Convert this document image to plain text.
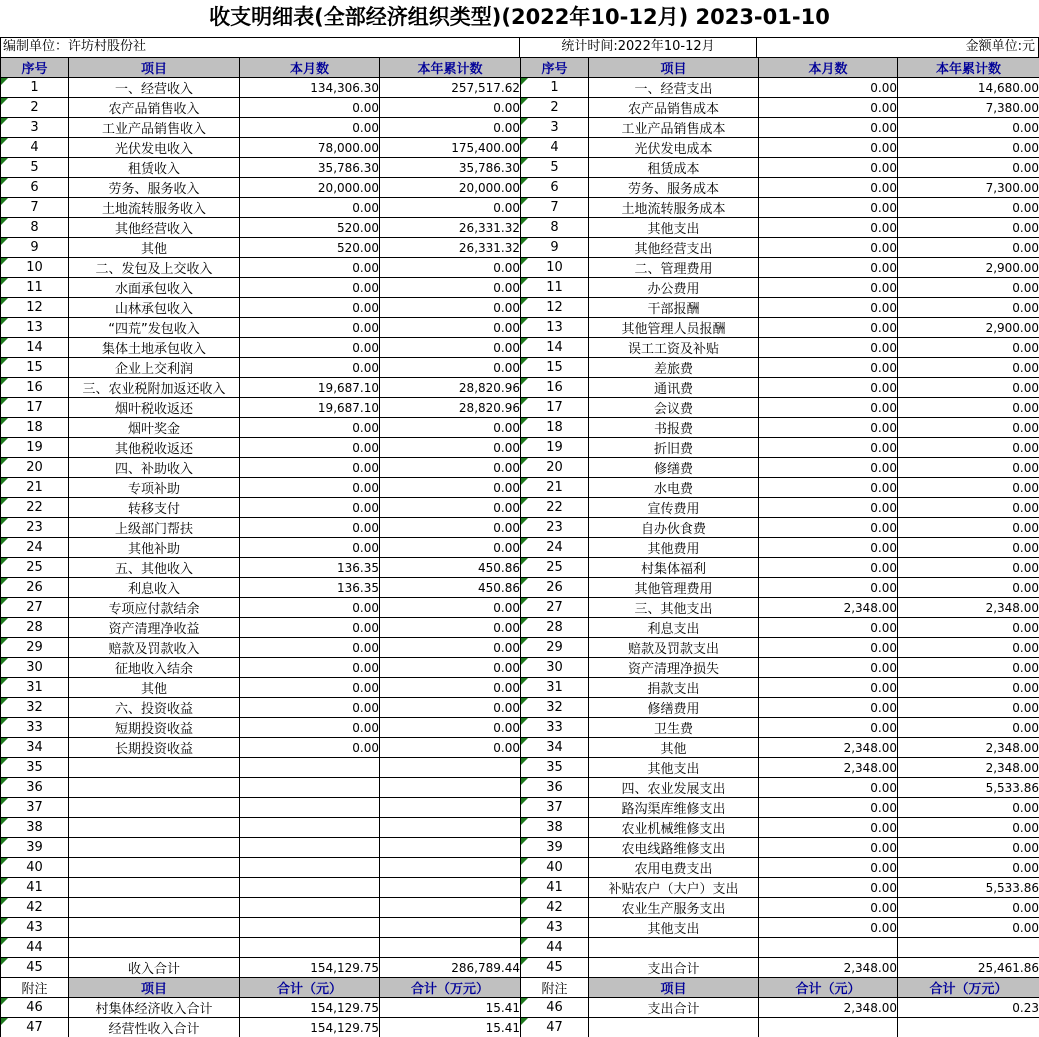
收支明细表(全部经济组织类型)(2022年10-12月) 2023-01-10
编制单位：许坊村股份社	统计时间:2022年10-12月	金额单位:元
序号	项目	本月数	本年累计数	序号	项目	本月数	本年累计数

1	一、经营收入	134,306.30	257,517.62	1	一、经营支出	0.00	14,680.00

2	农产品销售收入	0.00	0.00	2	农产品销售成本	0.00	7,380.00

3	工业产品销售收入	0.00	0.00	3	工业产品销售成本	0.00	0.00

4	光伏发电收入	78,000.00	175,400.00	4	光伏发电成本	0.00	0.00

5	租赁收入	35,786.30	35,786.30	5	租赁成本	0.00	0.00

6	劳务、服务收入	20,000.00	20,000.00	6	劳务、服务成本	0.00	7,300.00

7	土地流转服务收入	0.00	0.00	7	土地流转服务成本	0.00	0.00

8	其他经营收入	520.00	26,331.32	8	其他支出	0.00	0.00

9	其他	520.00	26,331.32	9	其他经营支出	0.00	0.00

10	二、发包及上交收入	0.00	0.00	10	二、管理费用	0.00	2,900.00

11	水面承包收入	0.00	0.00	11	办公费用	0.00	0.00

12	山林承包收入	0.00	0.00	12	干部报酬	0.00	0.00

13	“四荒”发包收入	0.00	0.00	13	其他管理人员报酬	0.00	2,900.00

14	集体土地承包收入	0.00	0.00	14	误工工资及补贴	0.00	0.00

15	企业上交利润	0.00	0.00	15	差旅费	0.00	0.00

16	三、农业税附加返还收入	19,687.10	28,820.96	16	通讯费	0.00	0.00

17	烟叶税收返还	19,687.10	28,820.96	17	会议费	0.00	0.00

18	烟叶奖金	0.00	0.00	18	书报费	0.00	0.00

19	其他税收返还	0.00	0.00	19	折旧费	0.00	0.00

20	四、补助收入	0.00	0.00	20	修缮费	0.00	0.00

21	专项补助	0.00	0.00	21	水电费	0.00	0.00

22	转移支付	0.00	0.00	22	宣传费用	0.00	0.00

23	上级部门帮扶	0.00	0.00	23	自办伙食费	0.00	0.00

24	其他补助	0.00	0.00	24	其他费用	0.00	0.00

25	五、其他收入	136.35	450.86	25	村集体福利	0.00	0.00

26	利息收入	136.35	450.86	26	其他管理费用	0.00	0.00

27	专项应付款结余	0.00	0.00	27	三、其他支出	2,348.00	2,348.00

28	资产清理净收益	0.00	0.00	28	利息支出	0.00	0.00

29	赔款及罚款收入	0.00	0.00	29	赔款及罚款支出	0.00	0.00

30	征地收入结余	0.00	0.00	30	资产清理净损失	0.00	0.00

31	其他	0.00	0.00	31	捐款支出	0.00	0.00

32	六、投资收益	0.00	0.00	32	修缮费用	0.00	0.00

33	短期投资收益	0.00	0.00	33	卫生费	0.00	0.00

34	长期投资收益	0.00	0.00	34	其他	2,348.00	2,348.00

35				35	其他支出	2,348.00	2,348.00

36				36	四、农业发展支出	0.00	5,533.86

37				37	路沟渠库维修支出	0.00	0.00

38				38	农业机械维修支出	0.00	0.00

39				39	农电线路维修支出	0.00	0.00

40				40	农用电费支出	0.00	0.00

41				41	补贴农户（大户）支出	0.00	5,533.86

42				42	农业生产服务支出	0.00	0.00

43				43	其他支出	0.00	0.00

44				44			

45	收入合计	154,129.75	286,789.44	45	支出合计	2,348.00	25,461.86
附注	项目	合计（元）	合计（万元）	附注	项目	合计（元）	合计（万元）

46	村集体经济收入合计	154,129.75	15.41	46	支出合计	2,348.00	0.23

47	经营性收入合计	154,129.75	15.41	47			
